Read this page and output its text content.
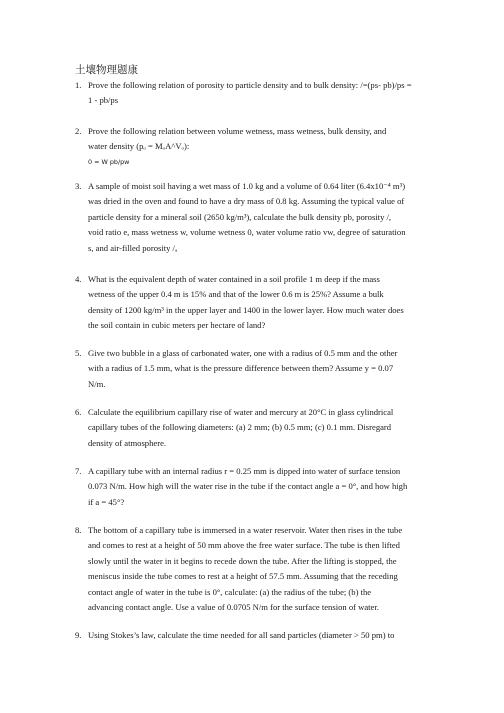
土壤物理题康
1. Prove the following relation of porosity to particle density and to bulk density: /=(ps- pb)/ps =
1 - pb/ps
2. Prove the following relation between volume wetness, mass wetness, bulk density, and
water density (pₒ = MₒA^Vₒ):
0 = W pb/pw
3. A sample of moist soil having a wet mass of 1.0 kg and a volume of 0.64 liter (6.4x10⁻⁴ m³)
was dried in the oven and found to have a dry mass of 0.8 kg. Assuming the typical value of
particle density for a mineral soil (2650 kg/m³), calculate the bulk density pb, porosity /,
void ratio e, mass wetness w, volume wetness 0, water volume ratio vw, degree of saturation
s, and air-filled porosity /ₐ
4. What is the equivalent depth of water contained in a soil profile 1 m deep if the mass
wetness of the upper 0.4 m is 15% and that of the lower 0.6 m is 25%? Assume a bulk
density of 1200 kg/m³ in the upper layer and 1400 in the lower layer. How much water does
the soil contain in cubic meters per hectare of land?
5. Give two bubble in a glass of carbonated water, one with a radius of 0.5 mm and the other
with a radius of 1.5 mm, what is the pressure difference between them? Assume y = 0.07
N/m.
6. Calculate the equilibrium capillary rise of water and mercury at 20°C in glass cylindrical
capillary tubes of the following diameters: (a) 2 mm; (b) 0.5 mm; (c) 0.1 mm. Disregard
density of atmosphere.
7. A capillary tube with an internal radius r = 0.25 mm is dipped into water of surface tension
0.073 N/m. How high will the water rise in the tube if the contact angle a = 0°, and how high
if a = 45°?
8. The bottom of a capillary tube is immersed in a water reservoir. Water then rises in the tube
and comes to rest at a height of 50 mm above the free water surface. The tube is then lifted
slowly until the water in it begins to recede down the tube. After the lifting is stopped, the
meniscus inside the tube comes to rest at a height of 57.5 mm. Assuming that the receding
contact angle of water in the tube is 0°, calculate: (a) the radius of the tube; (b) the
advancing contact angle. Use a value of 0.0705 N/m for the surface tension of water.
9. Using Stokes’s law, calculate the time needed for all sand particles (diameter > 50 pm) to
